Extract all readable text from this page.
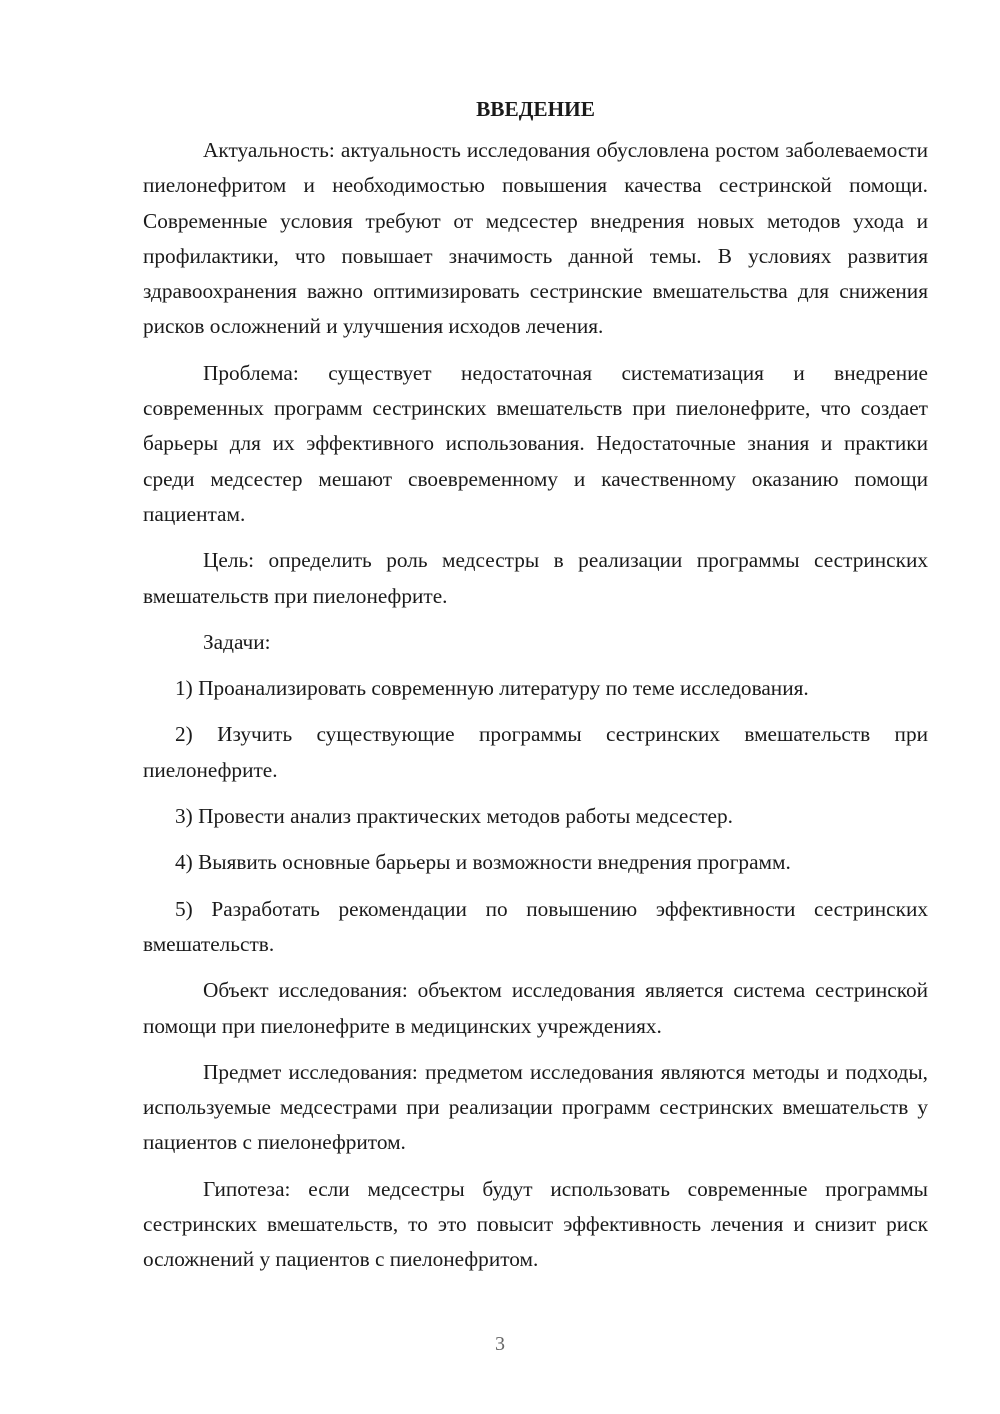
ВВЕДЕНИЕ

Актуальность: актуальность исследования обусловлена ростом заболеваемости пиелонефритом и необходимостью повышения качества сестринской помощи. Современные условия требуют от медсестер внедрения новых методов ухода и профилактики, что повышает значимость данной темы. В условиях развития здравоохранения важно оптимизировать сестринские вмешательства для снижения рисков осложнений и улучшения исходов лечения.

Проблема: существует недостаточная систематизация и внедрение современных программ сестринских вмешательств при пиелонефрите, что создает барьеры для их эффективного использования. Недостаточные знания и практики среди медсестер мешают своевременному и качественному оказанию помощи пациентам.

Цель: определить роль медсестры в реализации программы сестринских вмешательств при пиелонефрите.

Задачи:

1) Проанализировать современную литературу по теме исследования.

2) Изучить существующие программы сестринских вмешательств при пиелонефрите.

3) Провести анализ практических методов работы медсестер.

4) Выявить основные барьеры и возможности внедрения программ.

5) Разработать рекомендации по повышению эффективности сестринских вмешательств.

Объект исследования: объектом исследования является система сестринской помощи при пиелонефрите в медицинских учреждениях.

Предмет исследования: предметом исследования являются методы и подходы, используемые медсестрами при реализации программ сестринских вмешательств у пациентов с пиелонефритом.

Гипотеза: если медсестры будут использовать современные программы сестринских вмешательств, то это повысит эффективность лечения и снизит риск осложнений у пациентов с пиелонефритом.

3
